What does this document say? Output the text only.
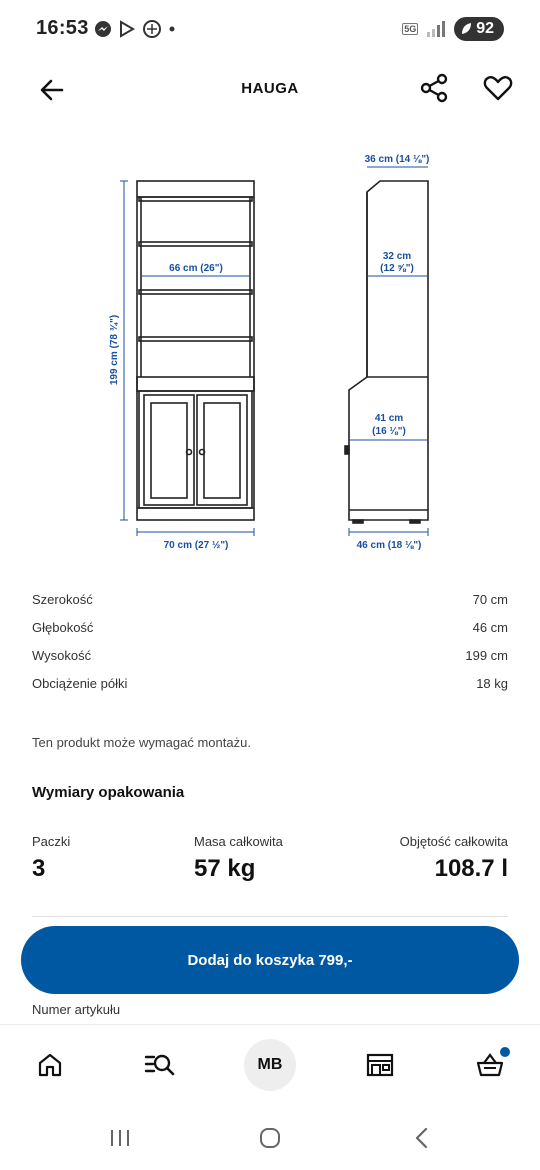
16:53	5G	92
HAUGA
199 cm (78 ¾")
66 cm (26")
70 cm (27 ½")
36 cm (14 ⅛")
32 cm
(12 ⅝")
41 cm
(16 ⅛")
46 cm (18 ⅛")
Szerokość	70 cm
Głębokość	46 cm
Wysokość	199 cm
Obciążenie półki	18 kg
Ten produkt może wymagać montażu.
Wymiary opakowania
Paczki
3
Masa całkowita
57 kg
Objętość całkowita
108.7 l
Dodaj do koszyka 799,-
Numer artykułu
MB
